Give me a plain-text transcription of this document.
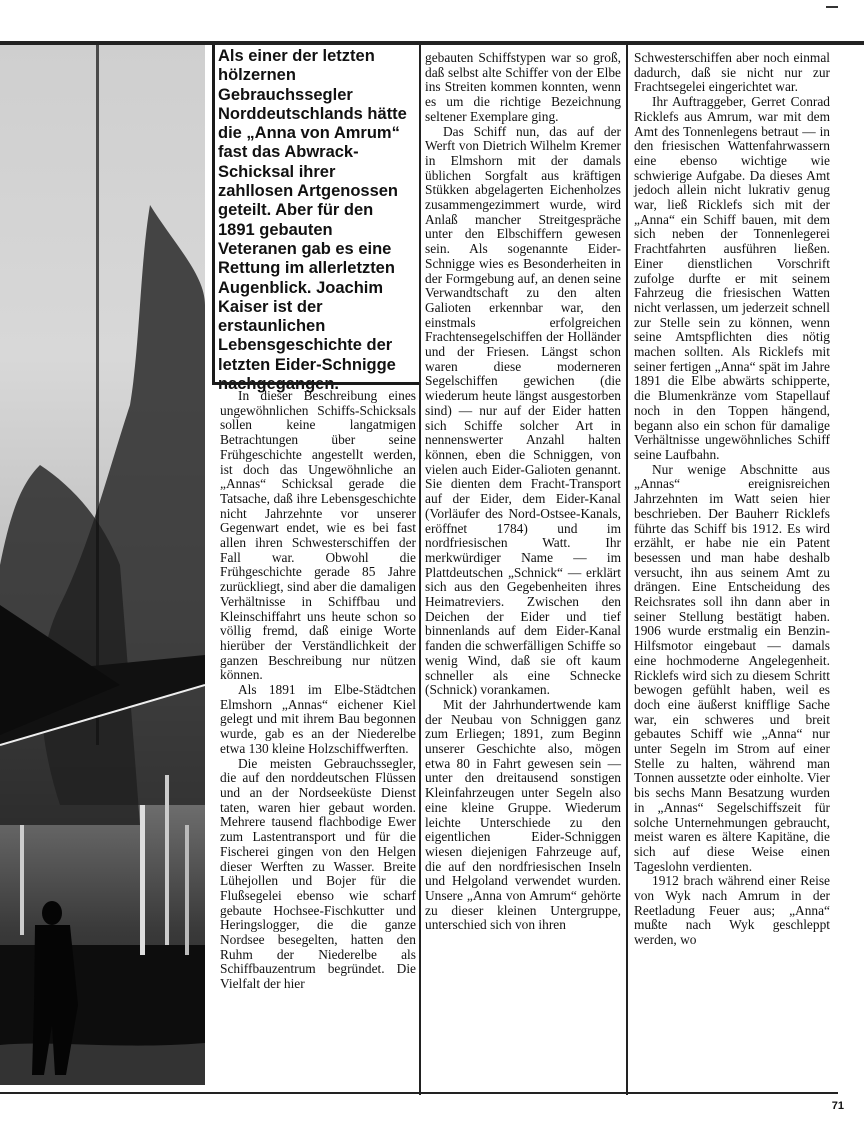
Als einer der letzten hölzernen Gebrauchssegler Norddeutschlands hätte die „Anna von Amrum“ fast das Abwrack-Schicksal ihrer zahllosen Artgenossen geteilt. Aber für den 1891 gebauten Veteranen gab es eine Rettung im allerletzten Augenblick. Joachim Kaiser ist der erstaunlichen Lebensgeschichte der letzten Eider-Schnigge

In dieser Beschreibung eines ungewöhnlichen Schiffs-Schicksals sollen keine langatmigen Betrachtungen über seine Frühgeschichte angestellt werden, ist doch das Ungewöhnliche an „Annas“ Schicksal gerade die Tatsache, daß ihre Lebensgeschichte nicht Jahrzehnte vor unserer Gegenwart endet, wie es bei fast allen ihren Schwesterschiffen der Fall war. Obwohl die Frühgeschichte gerade 85 Jahre zurückliegt, sind aber die damaligen Verhältnisse in Schiffbau und Kleinschiffahrt uns heute schon so völlig fremd, daß einige Worte hierüber der Verständlichkeit der ganzen Beschreibung nur nützen können.

Als 1891 im Elbe-Städtchen Elmshorn „Annas“ eichener Kiel gelegt und mit ihrem Bau begonnen wurde, gab es an der Niederelbe etwa 130 kleine Holzschiffwerften.

Die meisten Gebrauchssegler, die auf den norddeutschen Flüssen und an der Nordseeküste Dienst taten, waren hier gebaut worden. Mehrere tausend flachbodige Ewer zum Lastentransport und für die Fischerei gingen von den Helgen dieser Werften zu Wasser. Breite Lühejollen und Bojer für die Flußsegelei ebenso wie scharf gebaute Hochsee-Fischkutter und Heringslogger, die die ganze Nordsee besegelten, hatten den Ruhm der Niederelbe als Schiffbauzentrum begründet. Die Vielfalt der hier

gebauten Schiffstypen war so groß, daß selbst alte Schiffer von der Elbe ins Streiten kommen konnten, wenn es um die richtige Bezeichnung seltener Exemplare ging.

Das Schiff nun, das auf der Werft von Dietrich Wilhelm Kremer in Elmshorn mit der damals üblichen Sorgfalt aus kräftigen Stükken abgelagerten Eichenholzes zusammengezimmert wurde, wird Anlaß mancher Streitgespräche unter den Elbschiffern gewesen sein. Als sogenannte Eider-Schnigge wies es Besonderheiten in der Formgebung auf, an denen seine Verwandtschaft zu den alten Galioten erkennbar war, den einstmals erfolgreichen Frachtensegelschiffen der Holländer und der Friesen. Längst schon waren diese moderneren Segelschiffen gewichen (die wiederum heute längst ausgestorben sind) — nur auf der Eider hatten sich Schiffe solcher Art in nennenswerter Anzahl halten können, eben die Schniggen, von vielen auch Eider-Galioten genannt. Sie dienten dem Fracht-Transport auf der Eider, dem Eider-Kanal (Vorläufer des Nord-Ostsee-Kanals, eröffnet 1784) und im nordfriesischen Watt. Ihr merkwürdiger Name — im Plattdeutschen „Schnick“ — erklärt sich aus den Gegebenheiten ihres Heimatreviers. Zwischen den Deichen der Eider und tief binnenlands auf dem Eider-Kanal fanden die schwerfälligen Schiffe so wenig Wind, daß sie oft kaum schneller als eine Schnecke (Schnick) vorankamen.

Mit der Jahrhundertwende kam der Neubau von Schniggen ganz zum Erliegen; 1891, zum Beginn unserer Geschichte also, mögen etwa 80 in Fahrt gewesen sein — unter den dreitausend sonstigen Kleinfahrzeugen unter Segeln also eine kleine Gruppe. Wiederum leichte Unterschiede zu den eigentlichen Eider-Schniggen wiesen diejenigen Fahrzeuge auf, die auf den nordfriesischen Inseln und Helgoland verwendet wurden. Unsere „Anna von Amrum“ gehörte zu dieser kleinen Untergruppe, unterschied sich von ihren

Schwesterschiffen aber noch einmal dadurch, daß sie nicht nur zur Frachtsegelei eingerichtet war.

Ihr Auftraggeber, Gerret Conrad Ricklefs aus Amrum, war mit dem Amt des Tonnenlegens betraut — in den friesischen Wattenfahrwassern eine ebenso wichtige wie schwierige Aufgabe. Da dieses Amt jedoch allein nicht lukrativ genug war, ließ Ricklefs sich mit der „Anna“ ein Schiff bauen, mit dem sich neben der Tonnenlegerei Frachtfahrten ausführen ließen. Einer dienstlichen Vorschrift zufolge durfte er mit seinem Fahrzeug die friesischen Watten nicht verlassen, um jederzeit schnell zur Stelle sein zu können, wenn seine Amtspflichten dies nötig machen sollten. Als Ricklefs mit seiner fertigen „Anna“ spät im Jahre 1891 die Elbe abwärts schipperte, die Blumenkränze vom Stapellauf noch in den Toppen hängend, begann also ein schon für damalige Verhältnisse ungewöhnliches Schiff seine Laufbahn.

Nur wenige Abschnitte aus „Annas“ ereignisreichen Jahrzehnten im Watt seien hier beschrieben. Der Bauherr Ricklefs führte das Schiff bis 1912. Es wird erzählt, er habe nie ein Patent besessen und man habe deshalb versucht, ihn aus seinem Amt zu drängen. Eine Entscheidung des Reichsrates soll ihn dann aber in seiner Stellung bestätigt haben. 1906 wurde erstmalig ein Benzin-Hilfsmotor eingebaut — damals eine hochmoderne Angelegenheit. Ricklefs wird sich zu diesem Schritt bewogen gefühlt haben, weil es doch eine äußerst knifflige Sache war, ein schweres und breit gebautes Schiff wie „Anna“ nur unter Segeln im Strom auf einer Stelle zu halten, während man Tonnen aussetzte oder einholte. Vier bis sechs Mann Besatzung wurden in „Annas“ Segelschiffszeit für solche Unternehmungen gebraucht, meist waren es ältere Kapitäne, die sich auf diese Weise einen Tageslohn verdienten.

1912 brach während einer Reise von Wyk nach Amrum in der Reetladung Feuer aus; „Anna“ mußte nach Wyk geschleppt werden, wo

71
